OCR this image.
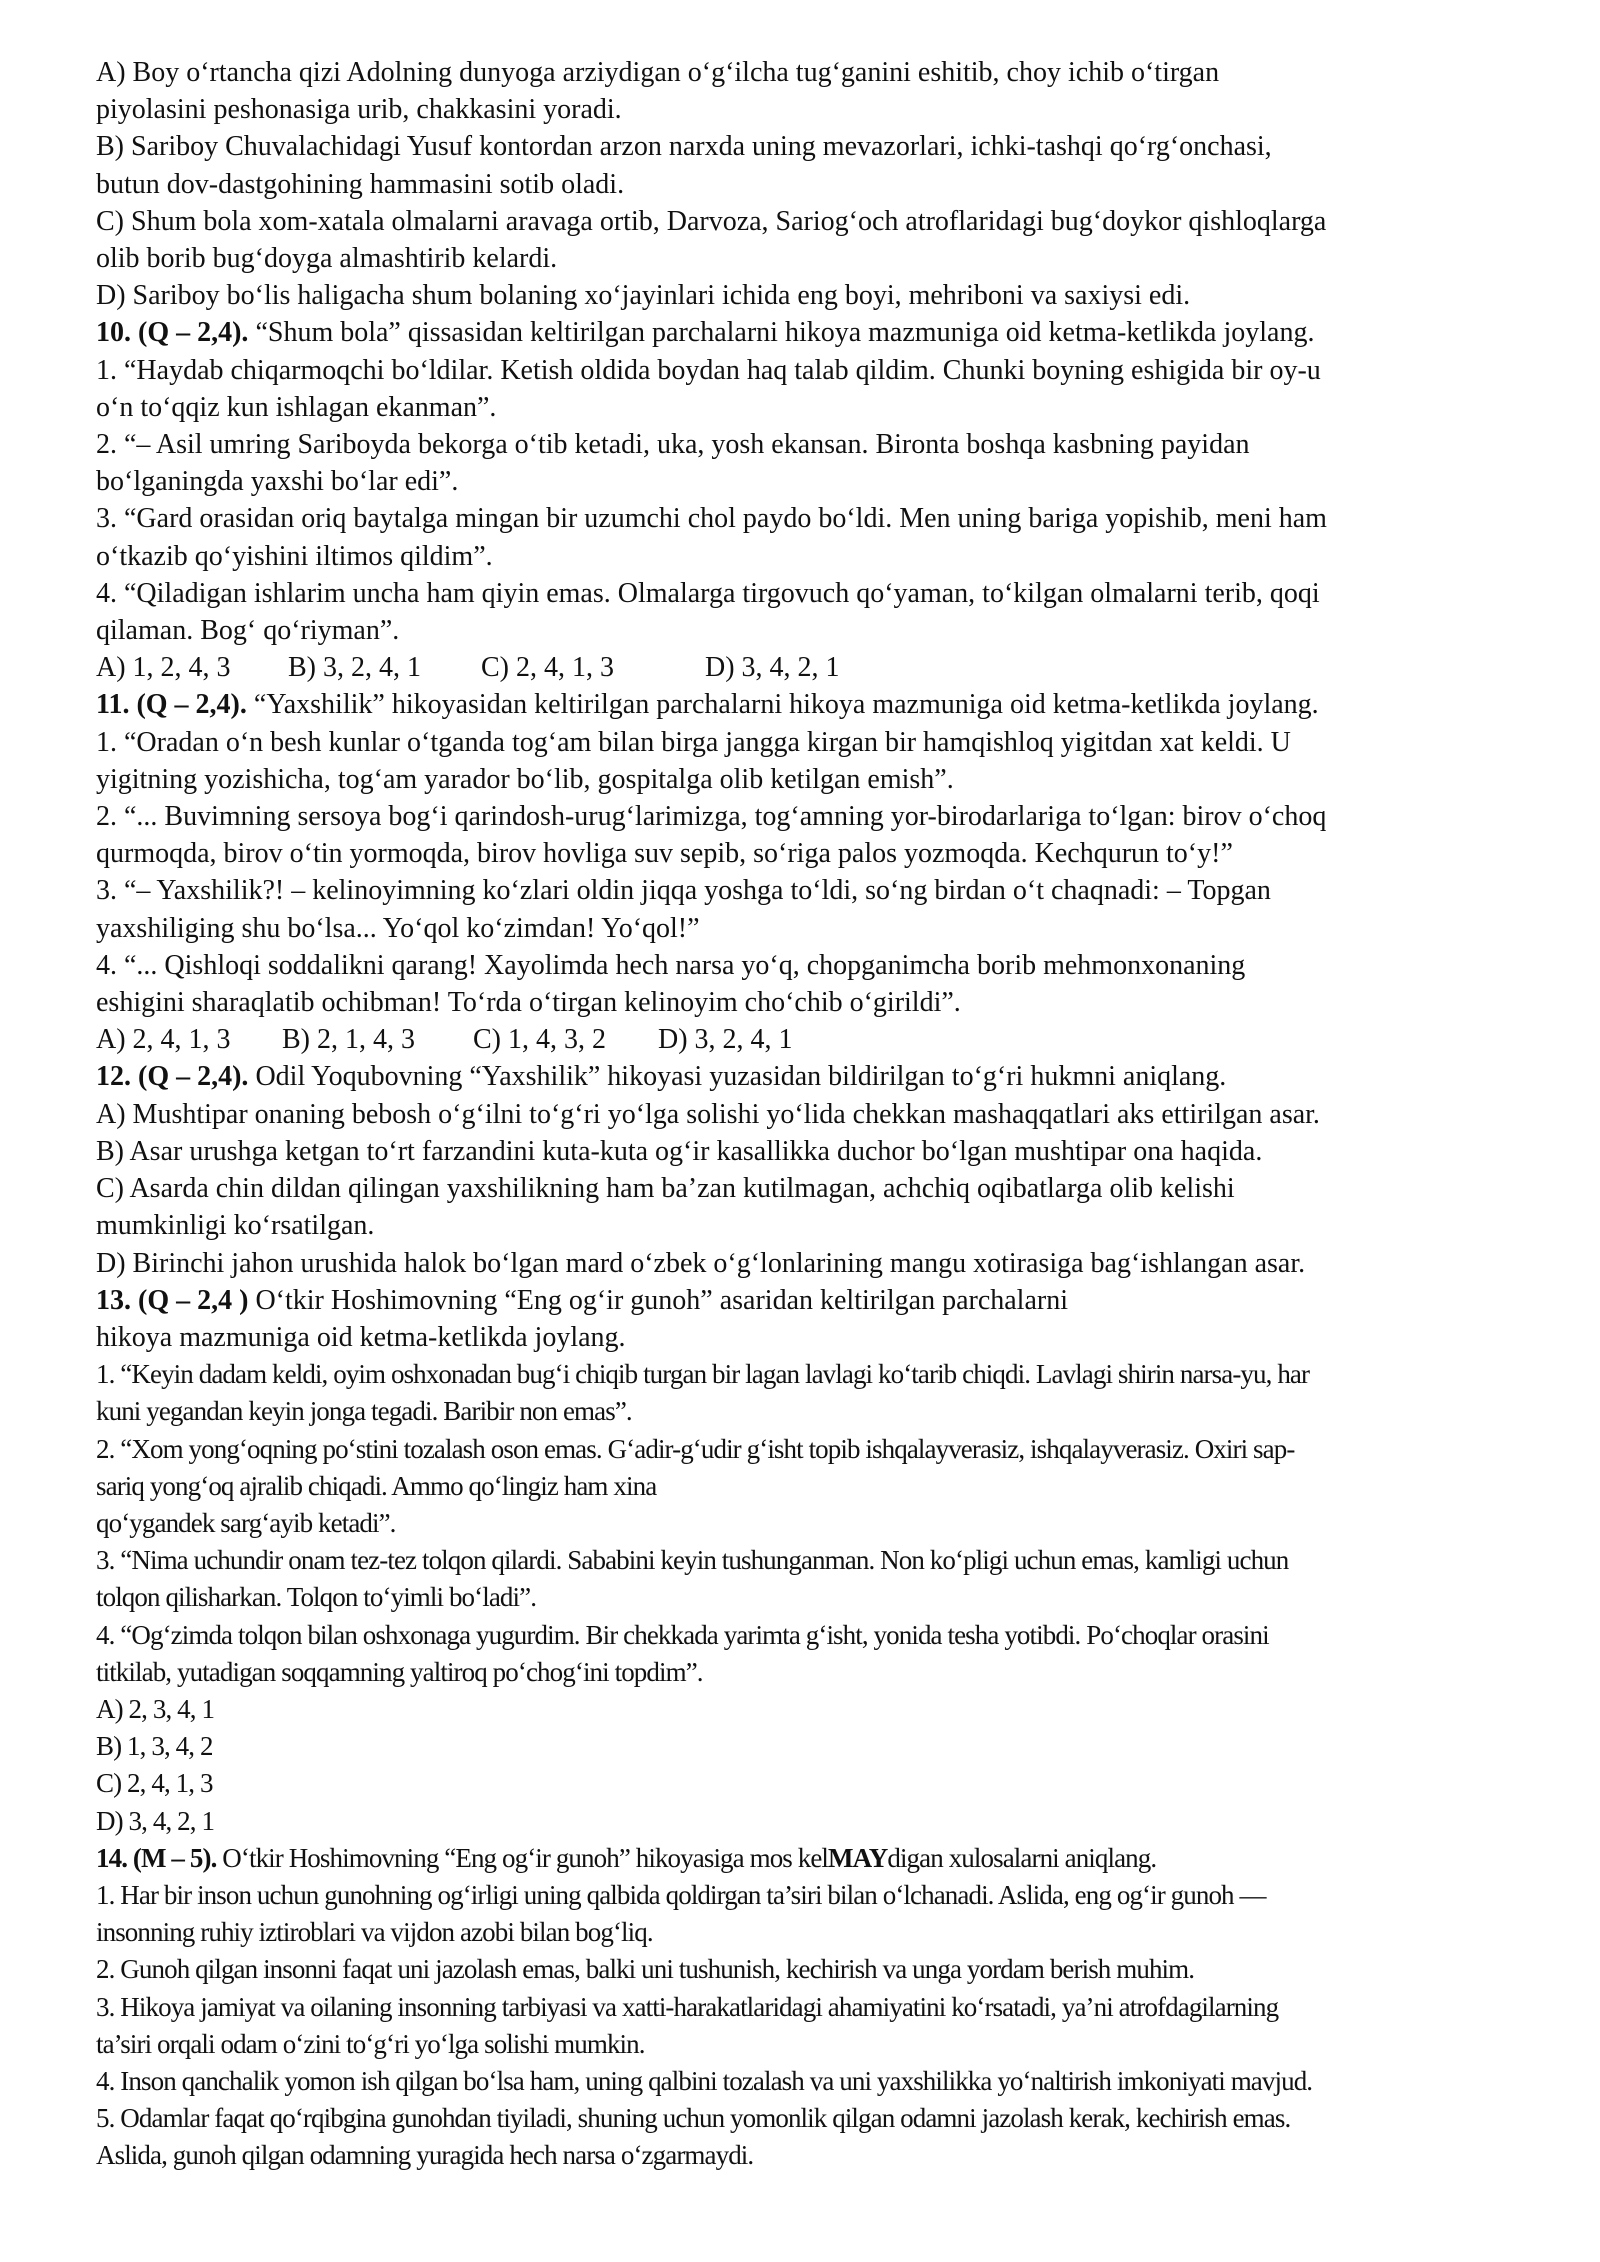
A) Boy o‘rtancha qizi Adolning dunyoga arziydigan o‘g‘ilcha tug‘ganini eshitib, choy ichib o‘tirgan
piyolasini peshonasiga urib, chakkasini yoradi.
B) Sariboy Chuvalachidagi Yusuf kontordan arzon narxda uning mevazorlari, ichki-tashqi qo‘rg‘onchasi,
butun dov-dastgohining hammasini sotib oladi.
C) Shum bola xom-xatala olmalarni aravaga ortib, Darvoza, Sariog‘och atroflaridagi bug‘doykor qishloqlarga
olib borib bug‘doyga almashtirib kelardi.
D) Sariboy bo‘lis haligacha shum bolaning xo‘jayinlari ichida eng boyi, mehriboni va saxiysi edi.
10. (Q – 2,4). “Shum bola” qissasidan keltirilgan parchalarni hikoya mazmuniga oid ketma-ketlikda joylang.
1. “Haydab chiqarmoqchi bo‘ldilar. Ketish oldida boydan haq talab qildim. Chunki boyning eshigida bir oy-u
o‘n to‘qqiz kun ishlagan ekanman”.
2. “– Asil umring Sariboyda bekorga o‘tib ketadi, uka, yosh ekansan. Bironta boshqa kasbning payidan
bo‘lganingda yaxshi bo‘lar edi”.
3. “Gard orasidan oriq baytalga mingan bir uzumchi chol paydo bo‘ldi. Men uning bariga yopishib, meni ham
o‘tkazib qo‘yishini iltimos qildim”.
4. “Qiladigan ishlarim uncha ham qiyin emas. Olmalarga tirgovuch qo‘yaman, to‘kilgan olmalarni terib, qoqi
qilaman. Bog‘ qo‘riyman”.
A) 1, 2, 4, 3 B) 3, 2, 4, 1 C) 2, 4, 1, 3	D) 3, 4, 2, 1
11. (Q – 2,4). “Yaxshilik” hikoyasidan keltirilgan parchalarni hikoya mazmuniga oid ketma-ketlikda joylang.
1. “Oradan o‘n besh kunlar o‘tganda tog‘am bilan birga jangga kirgan bir hamqishloq yigitdan xat keldi. U
yigitning yozishicha, tog‘am yarador bo‘lib, gospitalga olib ketilgan emish”.
2. “... Buvimning sersoya bog‘i qarindosh-urug‘larimizga, tog‘amning yor-birodarlariga to‘lgan: birov o‘choq
qurmoqda, birov o‘tin yormoqda, birov hovliga suv sepib, so‘riga palos yozmoqda. Kechqurun to‘y!”
3. “– Yaxshilik?! – kelinoyimning ko‘zlari oldin jiqqa yoshga to‘ldi, so‘ng birdan o‘t chaqnadi: – Topgan
yaxshiliging shu bo‘lsa... Yo‘qol ko‘zimdan! Yo‘qol!”
4. “... Qishloqi soddalikni qarang! Xayolimda hech narsa yo‘q, chopganimcha borib mehmonxonaning
eshigini sharaqlatib ochibman! To‘rda o‘tirgan kelinoyim cho‘chib o‘girildi”.
A) 2, 4, 1, 3 B) 2, 1, 4, 3 C) 1, 4, 3, 2 D) 3, 2, 4, 1
12. (Q – 2,4). Odil Yoqubovning “Yaxshilik” hikoyasi yuzasidan bildirilgan to‘g‘ri hukmni aniqlang.
A) Mushtipar onaning bebosh o‘g‘ilni to‘g‘ri yo‘lga solishi yo‘lida chekkan mashaqqatlari aks ettirilgan asar.
B) Asar urushga ketgan to‘rt farzandini kuta-kuta og‘ir kasallikka duchor bo‘lgan mushtipar ona haqida.
C) Asarda chin dildan qilingan yaxshilikning ham ba’zan kutilmagan, achchiq oqibatlarga olib kelishi
mumkinligi ko‘rsatilgan.
D) Birinchi jahon urushida halok bo‘lgan mard o‘zbek o‘g‘lonlarining mangu xotirasiga bag‘ishlangan asar.
13. (Q – 2,4 ) O‘tkir Hoshimovning “Eng og‘ir gunoh” asaridan keltirilgan parchalarni
hikoya mazmuniga oid ketma-ketlikda joylang.
1. “Keyin dadam keldi, oyim oshxonadan bug‘i chiqib turgan bir lagan lavlagi ko‘tarib chiqdi. Lavlagi shirin narsa-yu, har
kuni yegandan keyin jonga tegadi. Baribir non emas”.
2. “Xom yong‘oqning po‘stini tozalash oson emas. G‘adir-g‘udir g‘isht topib ishqalayverasiz, ishqalayverasiz. Oxiri sap-
sariq yong‘oq ajralib chiqadi. Ammo qo‘lingiz ham xina
qo‘ygandek sarg‘ayib ketadi”.
3. “Nima uchundir onam tez-tez tolqon qilardi. Sababini keyin tushunganman. Non ko‘pligi uchun emas, kamligi uchun
tolqon qilisharkan. Tolqon to‘yimli bo‘ladi”.
4. “Og‘zimda tolqon bilan oshxonaga yugurdim. Bir chekkada yarimta g‘isht, yonida tesha yotibdi. Po‘choqlar orasini
titkilab, yutadigan soqqamning yaltiroq po‘chog‘ini topdim”.
A) 2, 3, 4, 1
B) 1, 3, 4, 2
C) 2, 4, 1, 3
D) 3, 4, 2, 1
14. (M – 5). O‘tkir Hoshimovning “Eng og‘ir gunoh” hikoyasiga mos kelMAYdigan xulosalarni aniqlang.
1. Har bir inson uchun gunohning og‘irligi uning qalbida qoldirgan ta’siri bilan o‘lchanadi. Aslida, eng og‘ir gunoh —
insonning ruhiy iztiroblari va vijdon azobi bilan bog‘liq.
2. Gunoh qilgan insonni faqat uni jazolash emas, balki uni tushunish, kechirish va unga yordam berish muhim.
3. Hikoya jamiyat va oilaning insonning tarbiyasi va xatti-harakatlaridagi ahamiyatini ko‘rsatadi, ya’ni atrofdagilarning
ta’siri orqali odam o‘zini to‘g‘ri yo‘lga solishi mumkin.
4. Inson qanchalik yomon ish qilgan bo‘lsa ham, uning qalbini tozalash va uni yaxshilikka yo‘naltirish imkoniyati mavjud.
5. Odamlar faqat qo‘rqibgina gunohdan tiyiladi, shuning uchun yomonlik qilgan odamni jazolash kerak, kechirish emas.
Aslida, gunoh qilgan odamning yuragida hech narsa o‘zgarmaydi.
